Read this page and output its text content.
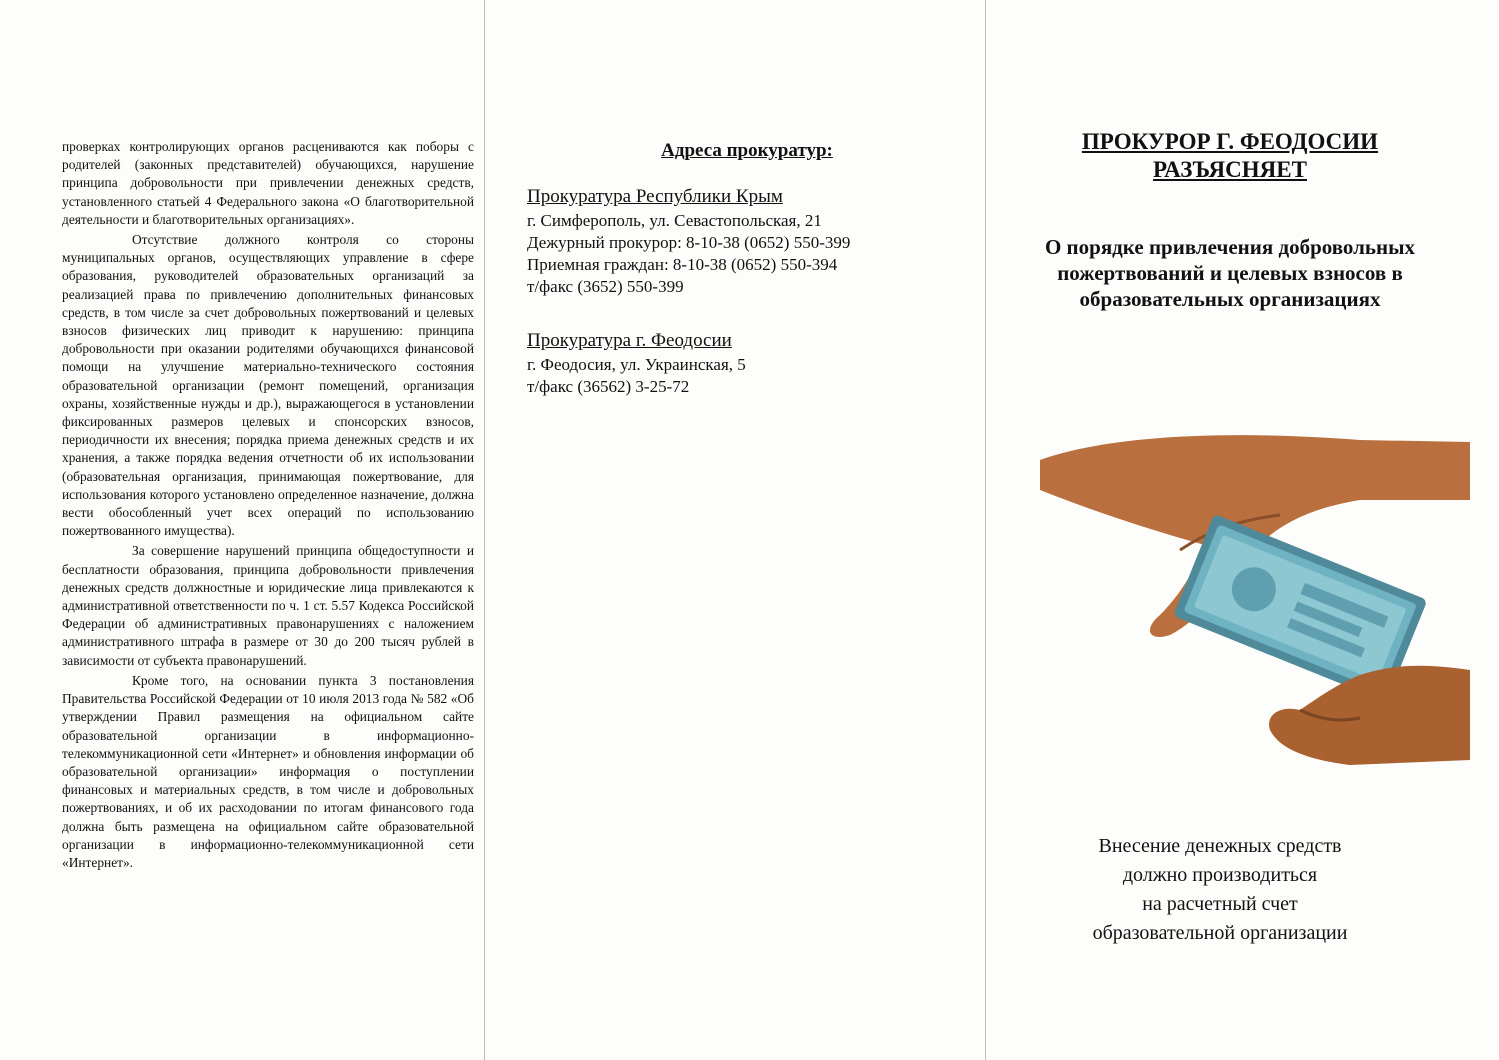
проверках контролирующих органов расцениваются как поборы с родителей (законных представителей) обучающихся, нарушение принципа добровольности при привлечении денежных средств, установленного статьей 4 Федерального закона «О благотворительной деятельности и благотворительных организациях».

Отсутствие должного контроля со стороны муниципальных органов, осуществляющих управление в сфере образования, руководителей образовательных организаций за реализацией права по привлечению дополнительных финансовых средств, в том числе за счет добровольных пожертвований и целевых взносов физических лиц приводит к нарушению: принципа добровольности при оказании родителями обучающихся финансовой помощи на улучшение материально-технического состояния образовательной организации (ремонт помещений, организация охраны, хозяйственные нужды и др.), выражающегося в установлении фиксированных размеров целевых и спонсорских взносов, периодичности их внесения; порядка приема денежных средств и их хранения, а также порядка ведения отчетности об их использовании (образовательная организация, принимающая пожертвование, для использования которого установлено определенное назначение, должна вести обособленный учет всех операций по использованию пожертвованного имущества).

За совершение нарушений принципа общедоступности и бесплатности образования, принципа добровольности привлечения денежных средств должностные и юридические лица привлекаются к административной ответственности по ч. 1 ст. 5.57 Кодекса Российской Федерации об административных правонарушениях с наложением административного штрафа в размере от 30 до 200 тысяч рублей в зависимости от субъекта правонарушений.

Кроме того, на основании пункта 3 постановления Правительства Российской Федерации от 10 июля 2013 года № 582 «Об утверждении Правил размещения на официальном сайте образовательной организации в информационно-телекоммуникационной сети «Интернет» и обновления информации об образовательной организации» информация о поступлении финансовых и материальных средств, в том числе и добровольных пожертвованиях, и об их расходовании по итогам финансового года должна быть размещена на официальном сайте образовательной организации в информационно-телекоммуникационной сети «Интернет».

Адреса прокуратур:

Прокуратура Республики Крым

г. Симферополь, ул. Севастопольская, 21

Дежурный прокурор: 8-10-38 (0652) 550-399

Приемная граждан: 8-10-38 (0652) 550-394

т/факс (3652) 550-399

Прокуратура г. Феодосии

г. Феодосия, ул. Украинская, 5

т/факс (36562) 3-25-72

ПРОКУРОР Г. ФЕОДОСИИ

РАЗЪЯСНЯЕТ

О порядке привлечения добровольных пожертвований и целевых взносов в образовательных организациях

Внесение денежных средств

должно производиться

на расчетный счет

образовательной организации
